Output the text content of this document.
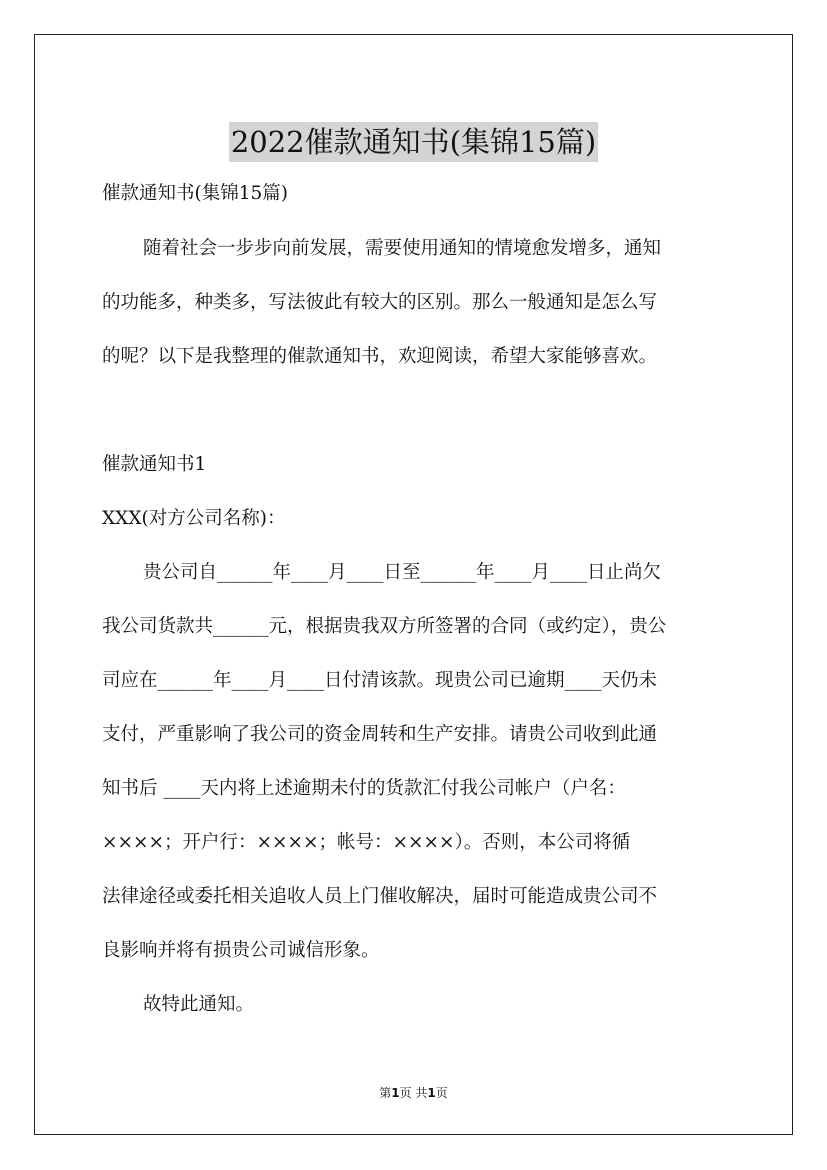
2022催款通知书(集锦15篇)

催款通知书(集锦15篇)

随着社会一步步向前发展，需要使用通知的情境愈发增多，通知

的功能多，种类多，写法彼此有较大的区别。那么一般通知是怎么写

的呢？以下是我整理的催款通知书，欢迎阅读，希望大家能够喜欢。

催款通知书1

XXX(对方公司名称)：

贵公司自______年____月____日至______年____月____日止尚欠

我公司货款共______元，根据贵我双方所签署的合同（或约定），贵公

司应在______年____月____日付清该款。现贵公司已逾期____天仍未

支付，严重影响了我公司的资金周转和生产安排。请贵公司收到此通

知书后 ____天内将上述逾期未付的货款汇付我公司帐户（户名：

××××；开户行：××××；帐号：××××）。否则，本公司将循

法律途径或委托相关追收人员上门催收解决，届时可能造成贵公司不

良影响并将有损贵公司诚信形象。

故特此通知。

第1页 共1页
